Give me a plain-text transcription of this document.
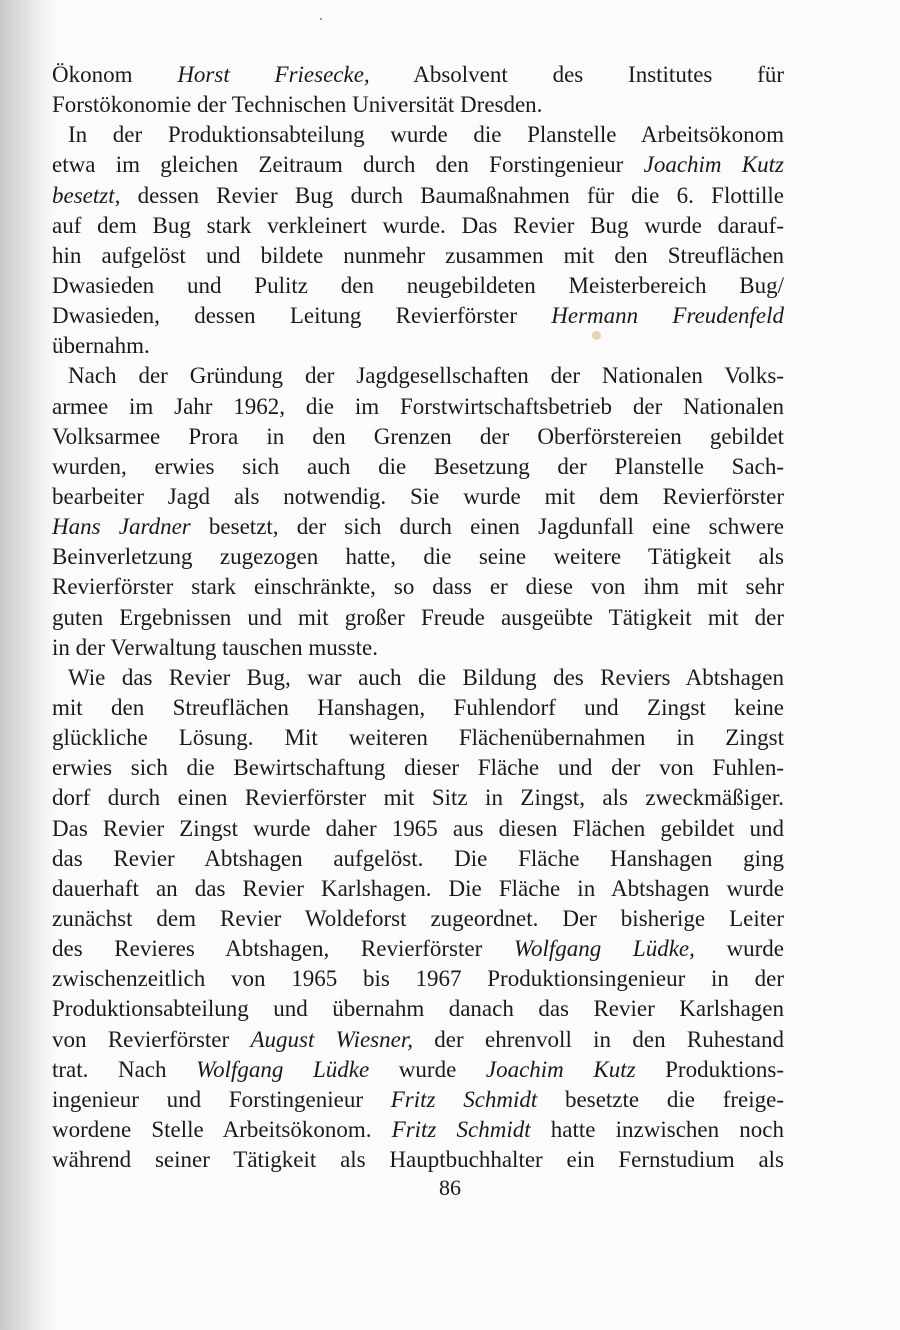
Ökonom Horst Friesecke, Absolvent des Institutes für
Forstökonomie der Technischen Universität Dresden.
In der Produktionsabteilung wurde die Planstelle Arbeitsökonom
etwa im gleichen Zeitraum durch den Forstingenieur Joachim Kutz
besetzt, dessen Revier Bug durch Baumaßnahmen für die 6. Flottille
auf dem Bug stark verkleinert wurde. Das Revier Bug wurde darauf-
hin aufgelöst und bildete nunmehr zusammen mit den Streuflächen
Dwasieden und Pulitz den neugebildeten Meisterbereich Bug/
Dwasieden, dessen Leitung Revierförster Hermann Freudenfeld
übernahm.
Nach der Gründung der Jagdgesellschaften der Nationalen Volks-
armee im Jahr 1962, die im Forstwirtschaftsbetrieb der Nationalen
Volksarmee Prora in den Grenzen der Oberförstereien gebildet
wurden, erwies sich auch die Besetzung der Planstelle Sach-
bearbeiter Jagd als notwendig. Sie wurde mit dem Revierförster
Hans Jardner besetzt, der sich durch einen Jagdunfall eine schwere
Beinverletzung zugezogen hatte, die seine weitere Tätigkeit als
Revierförster stark einschränkte, so dass er diese von ihm mit sehr
guten Ergebnissen und mit großer Freude ausgeübte Tätigkeit mit der
in der Verwaltung tauschen musste.
Wie das Revier Bug, war auch die Bildung des Reviers Abtshagen
mit den Streuflächen Hanshagen, Fuhlendorf und Zingst keine
glückliche Lösung. Mit weiteren Flächenübernahmen in Zingst
erwies sich die Bewirtschaftung dieser Fläche und der von Fuhlen-
dorf durch einen Revierförster mit Sitz in Zingst, als zweckmäßiger.
Das Revier Zingst wurde daher 1965 aus diesen Flächen gebildet und
das Revier Abtshagen aufgelöst. Die Fläche Hanshagen ging
dauerhaft an das Revier Karlshagen. Die Fläche in Abtshagen wurde
zunächst dem Revier Woldeforst zugeordnet. Der bisherige Leiter
des Revieres Abtshagen, Revierförster Wolfgang Lüdke, wurde
zwischenzeitlich von 1965 bis 1967 Produktionsingenieur in der
Produktionsabteilung und übernahm danach das Revier Karlshagen
von Revierförster August Wiesner, der ehrenvoll in den Ruhestand
trat. Nach Wolfgang Lüdke wurde Joachim Kutz Produktions-
ingenieur und Forstingenieur Fritz Schmidt besetzte die freige-
wordene Stelle Arbeitsökonom. Fritz Schmidt hatte inzwischen noch
während seiner Tätigkeit als Hauptbuchhalter ein Fernstudium als
86
